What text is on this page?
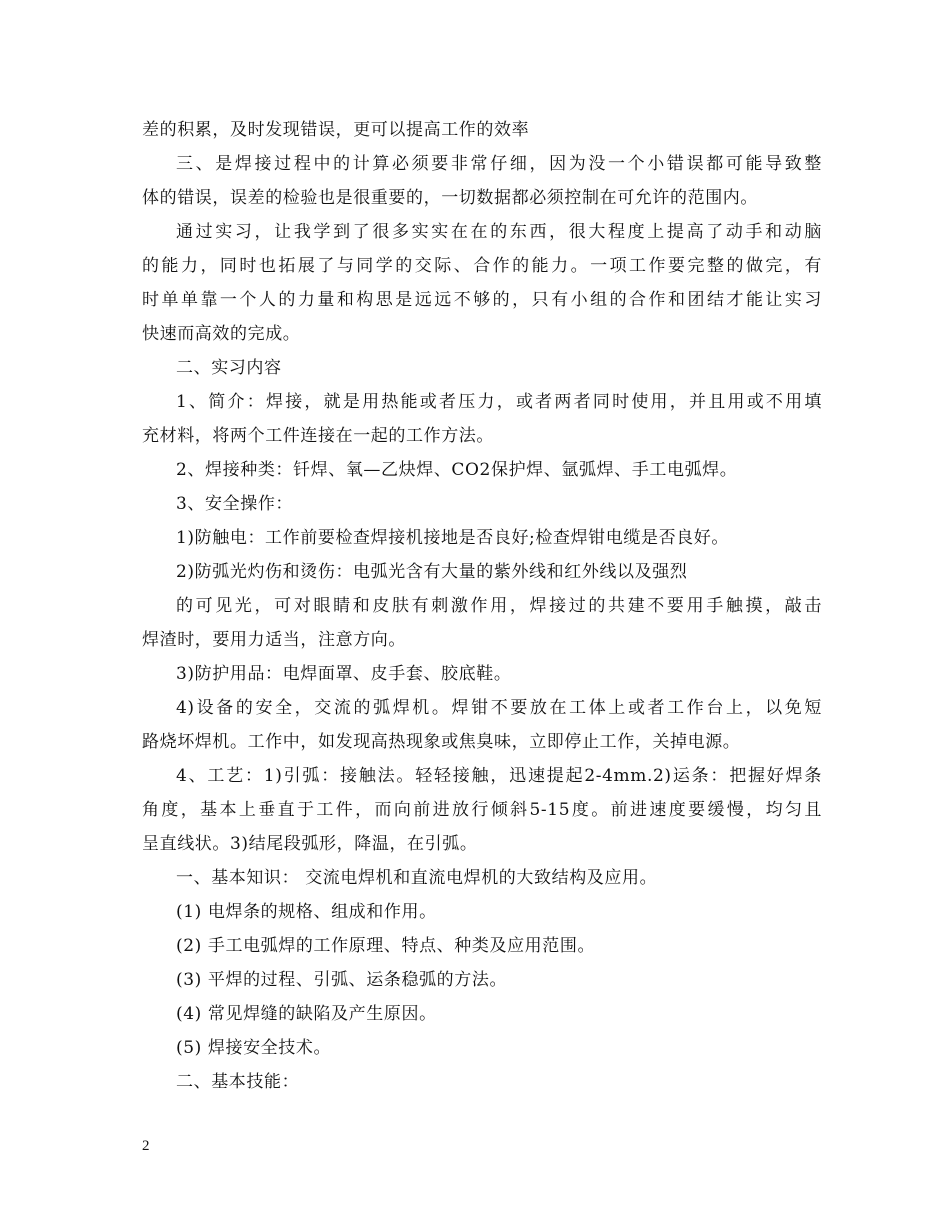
差的积累，及时发现错误，更可以提高工作的效率
三、是焊接过程中的计算必须要非常仔细，因为没一个小错误都可能导致整
体的错误，误差的检验也是很重要的，一切数据都必须控制在可允许的范围内。
通过实习，让我学到了很多实实在在的东西，很大程度上提高了动手和动脑
的能力，同时也拓展了与同学的交际、合作的能力。一项工作要完整的做完，有
时单单靠一个人的力量和构思是远远不够的，只有小组的合作和团结才能让实习
快速而高效的完成。
二、实习内容
1、简介：焊接，就是用热能或者压力，或者两者同时使用，并且用或不用填
充材料，将两个工件连接在一起的工作方法。
2、焊接种类：钎焊、氧—乙炔焊、CO2保护焊、氩弧焊、手工电弧焊。
3、安全操作：
1)防触电：工作前要检查焊接机接地是否良好;检查焊钳电缆是否良好。
2)防弧光灼伤和烫伤：电弧光含有大量的紫外线和红外线以及强烈
的可见光，可对眼睛和皮肤有刺激作用，焊接过的共建不要用手触摸，敲击
焊渣时，要用力适当，注意方向。
3)防护用品：电焊面罩、皮手套、胶底鞋。
4)设备的安全，交流的弧焊机。焊钳不要放在工体上或者工作台上，以免短
路烧坏焊机。工作中，如发现高热现象或焦臭味，立即停止工作，关掉电源。
4、工艺：1)引弧：接触法。轻轻接触，迅速提起2-4mm.2)运条：把握好焊条
角度，基本上垂直于工件，而向前进放行倾斜5-15度。前进速度要缓慢，均匀且
呈直线状。3)结尾段弧形，降温，在引弧。
一、基本知识： 交流电焊机和直流电焊机的大致结构及应用。
(1) 电焊条的规格、组成和作用。
(2) 手工电弧焊的工作原理、特点、种类及应用范围。
(3) 平焊的过程、引弧、运条稳弧的方法。
(4) 常见焊缝的缺陷及产生原因。
(5) 焊接安全技术。
二、基本技能：
2
